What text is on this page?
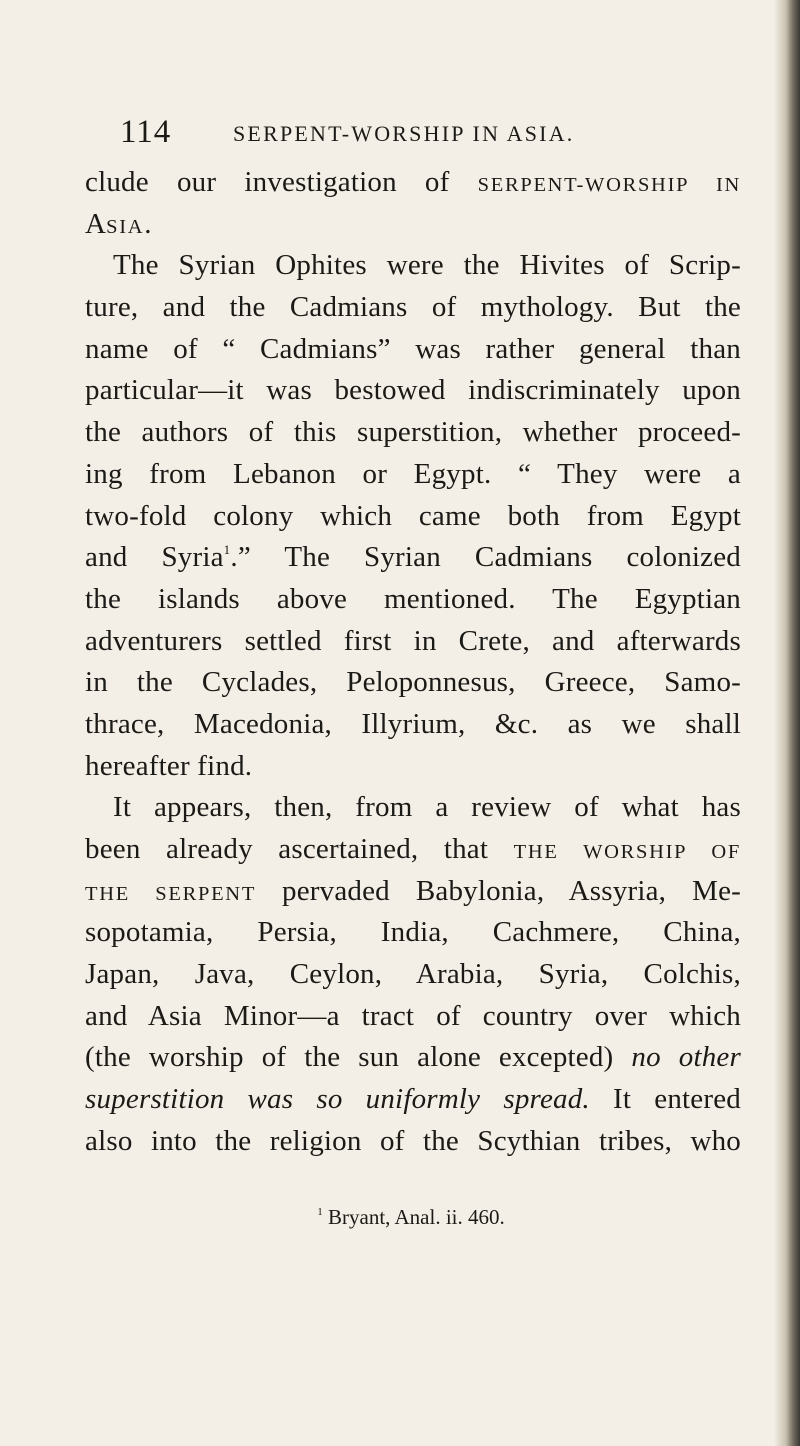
114	SERPENT-WORSHIP IN ASIA.
clude our investigation of SERPENT-WORSHIP IN
ASIA.
The Syrian Ophites were the Hivites of Scrip-
ture, and the Cadmians of mythology. But the
name of “ Cadmians” was rather general than
particular—it was bestowed indiscriminately upon
the authors of this superstition, whether proceed-
ing from Lebanon or Egypt. “ They were a
two-fold colony which came both from Egypt
and Syria$^1$.” The Syrian Cadmians colonized
the islands above mentioned. The Egyptian
adventurers settled first in Crete, and afterwards
in the Cyclades, Peloponnesus, Greece, Samo-
thrace, Macedonia, Illyrium, &c. as we shall
hereafter find.
It appears, then, from a review of what has
been already ascertained, that THE WORSHIP OF
THE SERPENT pervaded Babylonia, Assyria, Me-
sopotamia, Persia, India, Cachmere, China,
Japan, Java, Ceylon, Arabia, Syria, Colchis,
and Asia Minor—a tract of country over which
(the worship of the sun alone excepted) no other
superstition was so uniformly spread. It entered
also into the religion of the Scythian tribes, who
$^1$ Bryant, Anal. ii. 460.
